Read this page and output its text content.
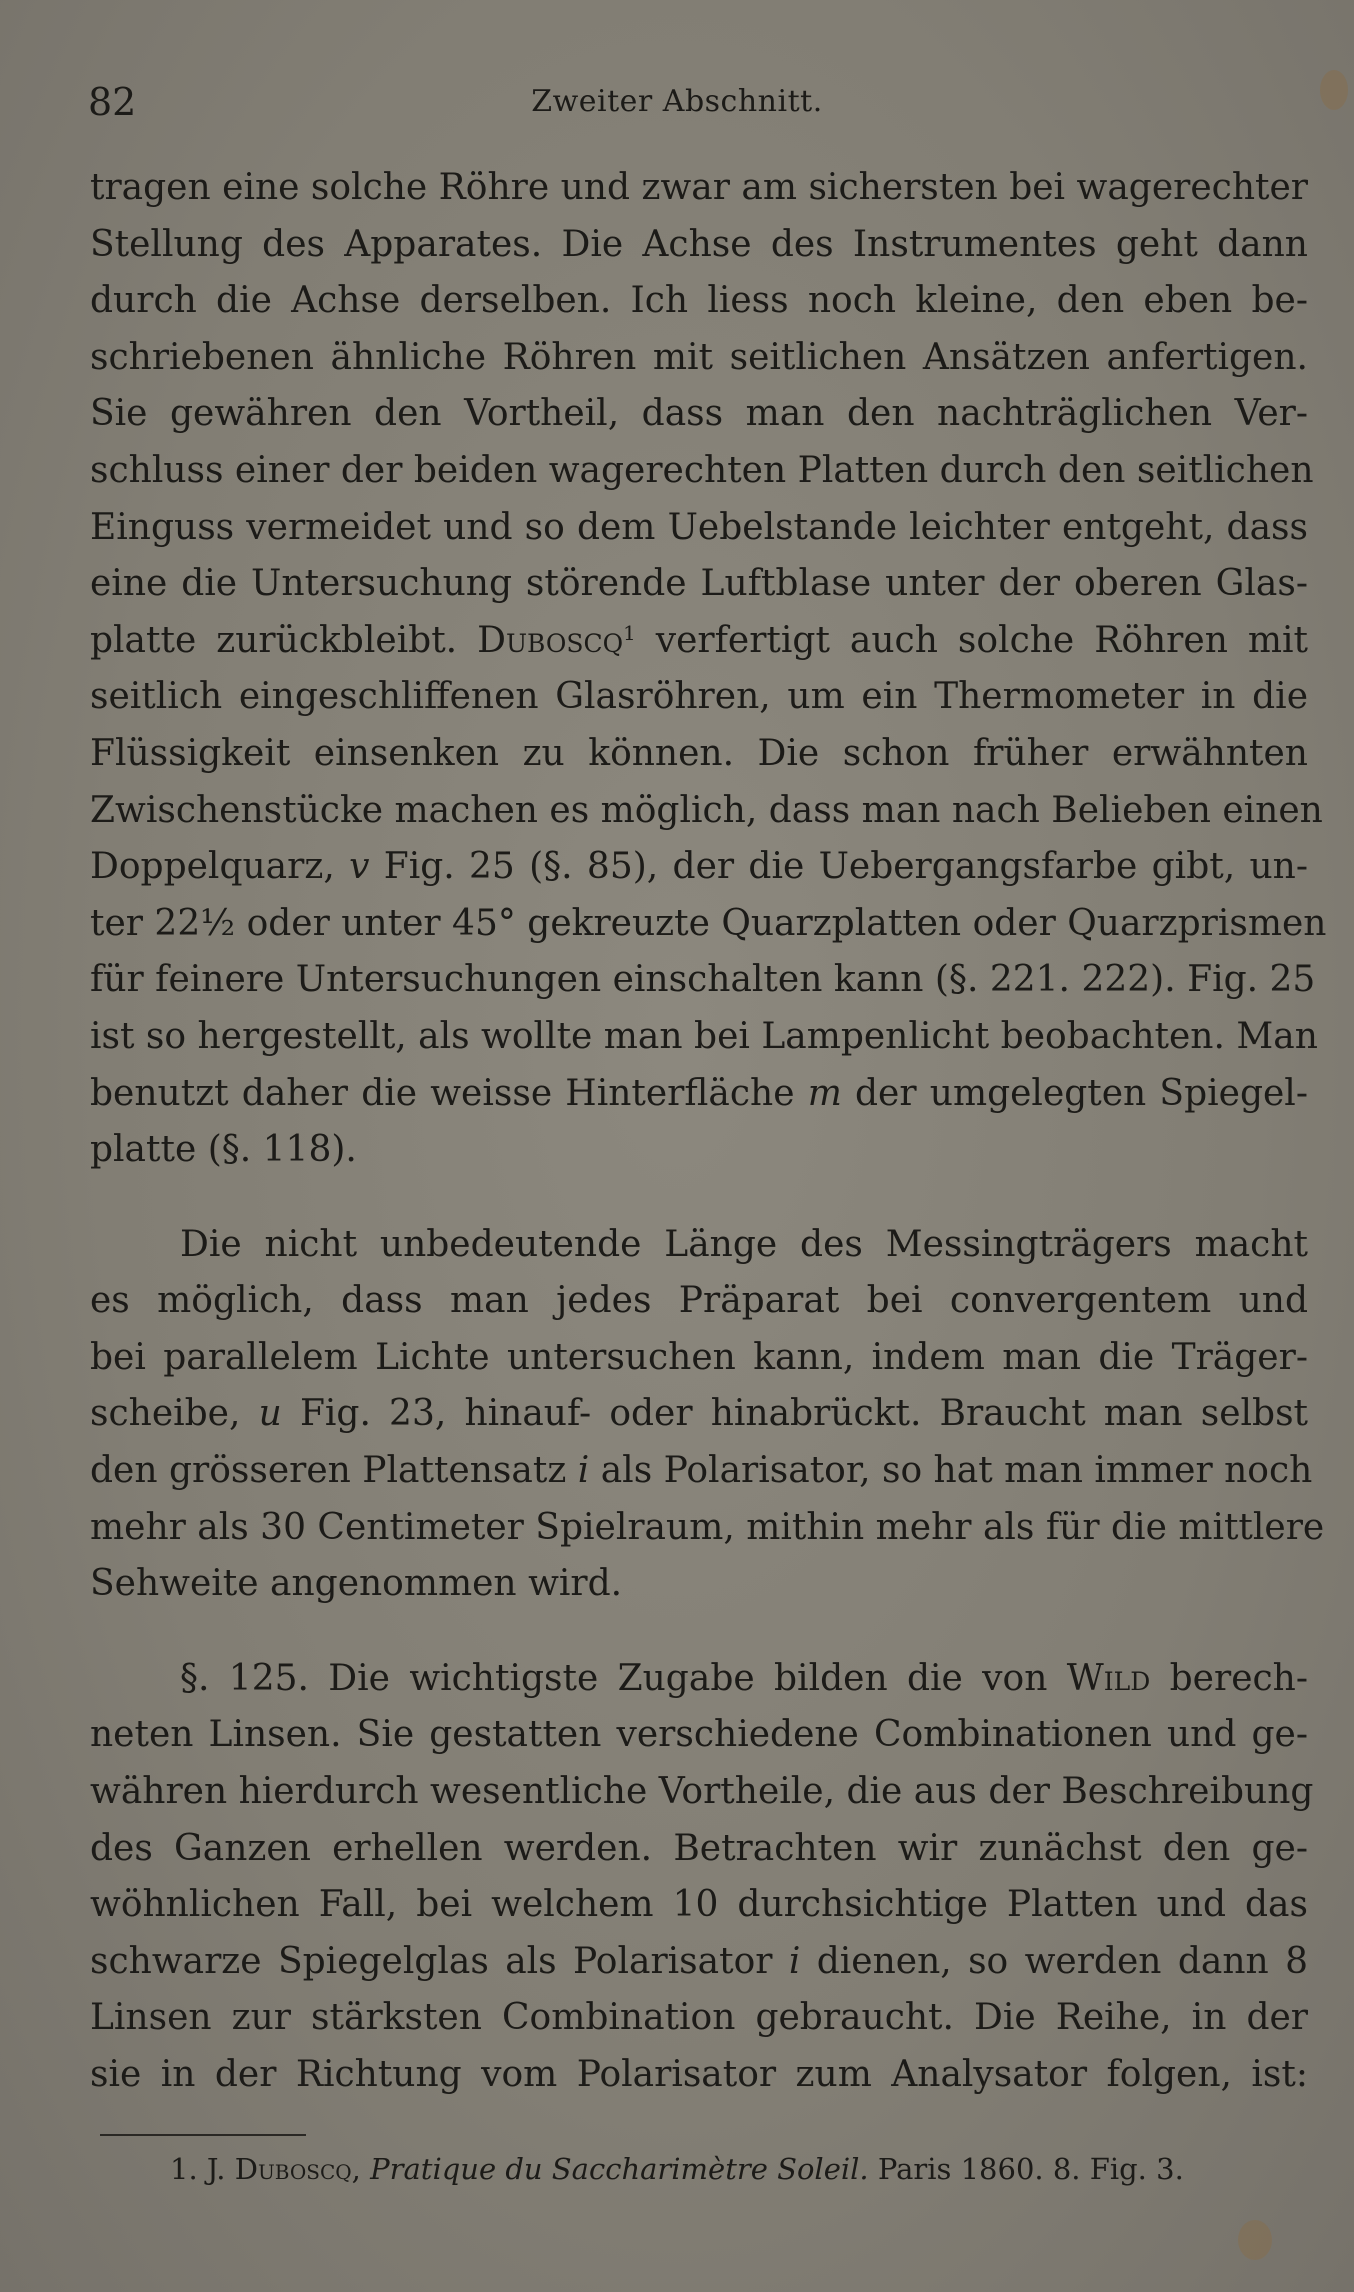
82	Zweiter Abschnitt.
tragen eine solche Röhre und zwar am sichersten bei wagerechter
Stellung des Apparates. Die Achse des Instrumentes geht dann
durch die Achse derselben. Ich liess noch kleine, den eben be-
schriebenen ähnliche Röhren mit seitlichen Ansätzen anfertigen.
Sie gewähren den Vortheil, dass man den nachträglichen Ver-
schluss einer der beiden wagerechten Platten durch den seitlichen
Einguss vermeidet und so dem Uebelstande leichter entgeht, dass
eine die Untersuchung störende Luftblase unter der oberen Glas-
platte zurückbleibt. Duboscq$^1$ verfertigt auch solche Röhren mit
seitlich eingeschliffenen Glasröhren, um ein Thermometer in die
Flüssigkeit einsenken zu können. Die schon früher erwähnten
Zwischenstücke machen es möglich, dass man nach Belieben einen
Doppelquarz, v Fig. 25 (§. 85), der die Uebergangsfarbe gibt, un-
ter 22½ oder unter 45° gekreuzte Quarzplatten oder Quarzprismen
für feinere Untersuchungen einschalten kann (§. 221. 222). Fig. 25
ist so hergestellt, als wollte man bei Lampenlicht beobachten. Man
benutzt daher die weisse Hinterfläche m der umgelegten Spiegel-
platte (§. 118).
Die nicht unbedeutende Länge des Messingträgers macht
es möglich, dass man jedes Präparat bei convergentem und
bei parallelem Lichte untersuchen kann, indem man die Träger-
scheibe, u Fig. 23, hinauf- oder hinabrückt. Braucht man selbst
den grösseren Plattensatz i als Polarisator, so hat man immer noch
mehr als 30 Centimeter Spielraum, mithin mehr als für die mittlere
Sehweite angenommen wird.
§. 125. Die wichtigste Zugabe bilden die von Wild berech-
neten Linsen. Sie gestatten verschiedene Combinationen und ge-
währen hierdurch wesentliche Vortheile, die aus der Beschreibung
des Ganzen erhellen werden. Betrachten wir zunächst den ge-
wöhnlichen Fall, bei welchem 10 durchsichtige Platten und das
schwarze Spiegelglas als Polarisator i dienen, so werden dann 8
Linsen zur stärksten Combination gebraucht. Die Reihe, in der
sie in der Richtung vom Polarisator zum Analysator folgen, ist:
1. J. Duboscq, Pratique du Saccharimètre Soleil. Paris 1860. 8. Fig. 3.
